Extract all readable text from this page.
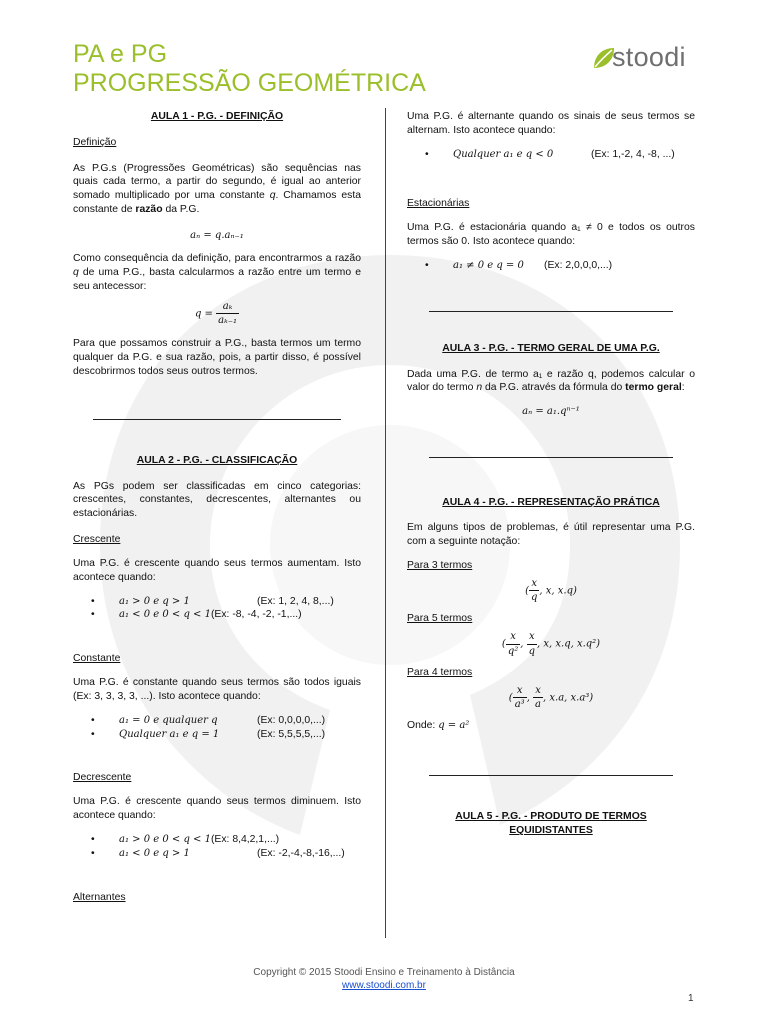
PA e PG
PROGRESSÃO GEOMÉTRICA
stoodi

AULA 1 - P.G. - DEFINIÇÃO

Definição

As P.G.s (Progressões Geométricas) são sequências nas quais cada termo, a partir do segundo, é igual ao anterior somado multiplicado por uma constante q. Chamamos esta constante de razão da P.G.

aₙ = q.aₙ₋₁

Como consequência da definição, para encontrarmos a razão q de uma P.G., basta calcularmos a razão entre um termo e seu antecessor:

$q = \frac{\text{aₖ}}{\text{aₖ₋₁}}$

Para que possamos construir a P.G., basta termos um termo qualquer da P.G. e sua razão, pois, a partir disso, é possível descobrirmos todos seus outros termos.

AULA 2 - P.G. - CLASSIFICAÇÃO

As PGs podem ser classificadas em cinco categorias: crescentes, constantes, decrescentes, alternantes ou estacionárias.

Crescente

Uma P.G. é crescente quando seus termos aumentam. Isto acontece quando:

• a₁ > 0 e q > 1	(Ex: 1, 2, 4, 8,...)
• a₁ < 0 e 0 < q < 1(Ex: -8, -4, -2, -1,...)

Constante

Uma P.G. é constante quando seus termos são todos iguais (Ex: 3, 3, 3, 3, ...). Isto acontece quando:

• a₁ = 0 e qualquer q	(Ex: 0,0,0,0,...)
• Qualquer a₁ e q = 1	(Ex: 5,5,5,5,...)

Decrescente

Uma P.G. é crescente quando seus termos diminuem. Isto acontece quando:

• a₁ > 0 e 0 < q < 1(Ex: 8,4,2,1,...)
• a₁ < 0 e q > 1	(Ex: -2,-4,-8,-16,...)

Alternantes

Uma P.G. é alternante quando os sinais de seus termos se alternam. Isto acontece quando:

• Qualquer a₁ e q < 0	(Ex: 1,-2, 4, -8, ...)

Estacionárias

Uma P.G. é estacionária quando a₁ ≠ 0 e todos os outros termos são 0. Isto acontece quando:

• a₁ ≠ 0 e q = 0 (Ex: 2,0,0,0,...)

AULA 3 - P.G. - TERMO GERAL DE UMA P.G.

Dada uma P.G. de termo a₁ e razão q, podemos calcular o valor do termo n da P.G. através da fórmula do termo geral:

aₙ = a₁.qⁿ⁻¹

AULA 4 - P.G. - REPRESENTAÇÃO PRÁTICA

Em alguns tipos de problemas, é útil representar uma P.G. com a seguinte notação:

Para 3 termos

( $\frac{x}{q}$ , x, x.q)

Para 5 termos

( $\frac{x}{\text{q²}}$ , $\frac{x}{q}$ , x, x.q, x.q²)

Para 4 termos

( $\frac{x}{\text{a³}}$ , $\frac{x}{a}$ , x.a, x.a³)

Onde: q = a²

AULA 5 - P.G. - PRODUTO DE TERMOS EQUIDISTANTES

Copyright © 2015 Stoodi Ensino e Treinamento à Distância
www.stoodi.com.br
1
